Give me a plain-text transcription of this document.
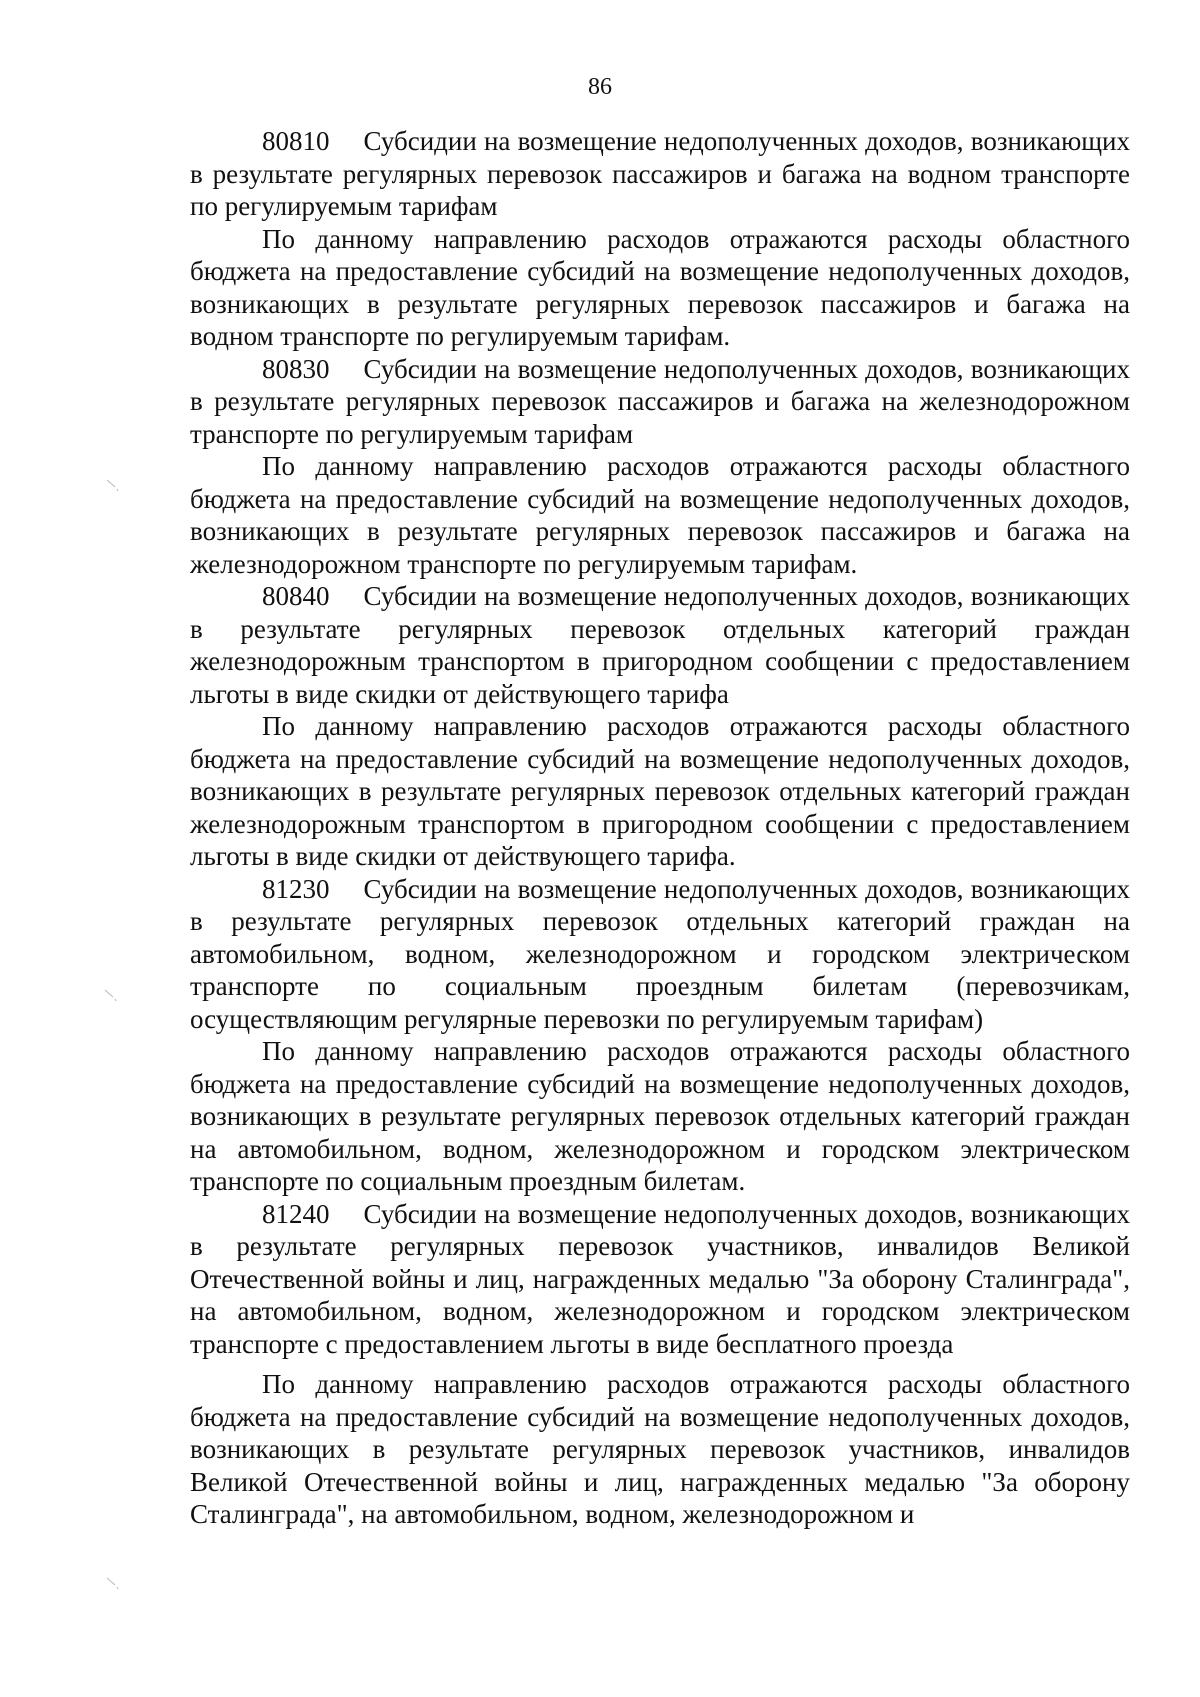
86

80810 Субсидии на возмещение недополученных доходов, возникающих в результате регулярных перевозок пассажиров и багажа на водном транспорте по регулируемым тарифам

По данному направлению расходов отражаются расходы областного бюджета на предоставление субсидий на возмещение недополученных доходов, возникающих в результате регулярных перевозок пассажиров и багажа на водном транспорте по регулируемым тарифам.

80830 Субсидии на возмещение недополученных доходов, возникающих в результате регулярных перевозок пассажиров и багажа на железнодорожном транспорте по регулируемым тарифам

По данному направлению расходов отражаются расходы областного бюджета на предоставление субсидий на возмещение недополученных доходов, возникающих в результате регулярных перевозок пассажиров и багажа на железнодорожном транспорте по регулируемым тарифам.

80840 Субсидии на возмещение недополученных доходов, возникающих в результате регулярных перевозок отдельных категорий граждан железнодорожным транспортом в пригородном сообщении с предоставлением льготы в виде скидки от действующего тарифа

По данному направлению расходов отражаются расходы областного бюджета на предоставление субсидий на возмещение недополученных доходов, возникающих в результате регулярных перевозок отдельных категорий граждан железнодорожным транспортом в пригородном сообщении с предоставлением льготы в виде скидки от действующего тарифа.

81230 Субсидии на возмещение недополученных доходов, возникающих в результате регулярных перевозок отдельных категорий граждан на автомобильном, водном, железнодорожном и городском электрическом транспорте по социальным проездным билетам (перевозчикам, осуществляющим регулярные перевозки по регулируемым тарифам)

По данному направлению расходов отражаются расходы областного бюджета на предоставление субсидий на возмещение недополученных доходов, возникающих в результате регулярных перевозок отдельных категорий граждан на автомобильном, водном, железнодорожном и городском электрическом транспорте по социальным проездным билетам.

81240 Субсидии на возмещение недополученных доходов, возникающих в результате регулярных перевозок участников, инвалидов Великой Отечественной войны и лиц, награжденных медалью "За оборону Сталинграда", на автомобильном, водном, железнодорожном и городском электрическом транспорте с предоставлением льготы в виде бесплатного проезда

По данному направлению расходов отражаются расходы областного бюджета на предоставление субсидий на возмещение недополученных доходов, возникающих в результате регулярных перевозок участников, инвалидов Великой Отечественной войны и лиц, награжденных медалью "За оборону Сталинграда", на автомобильном, водном, железнодорожном и
